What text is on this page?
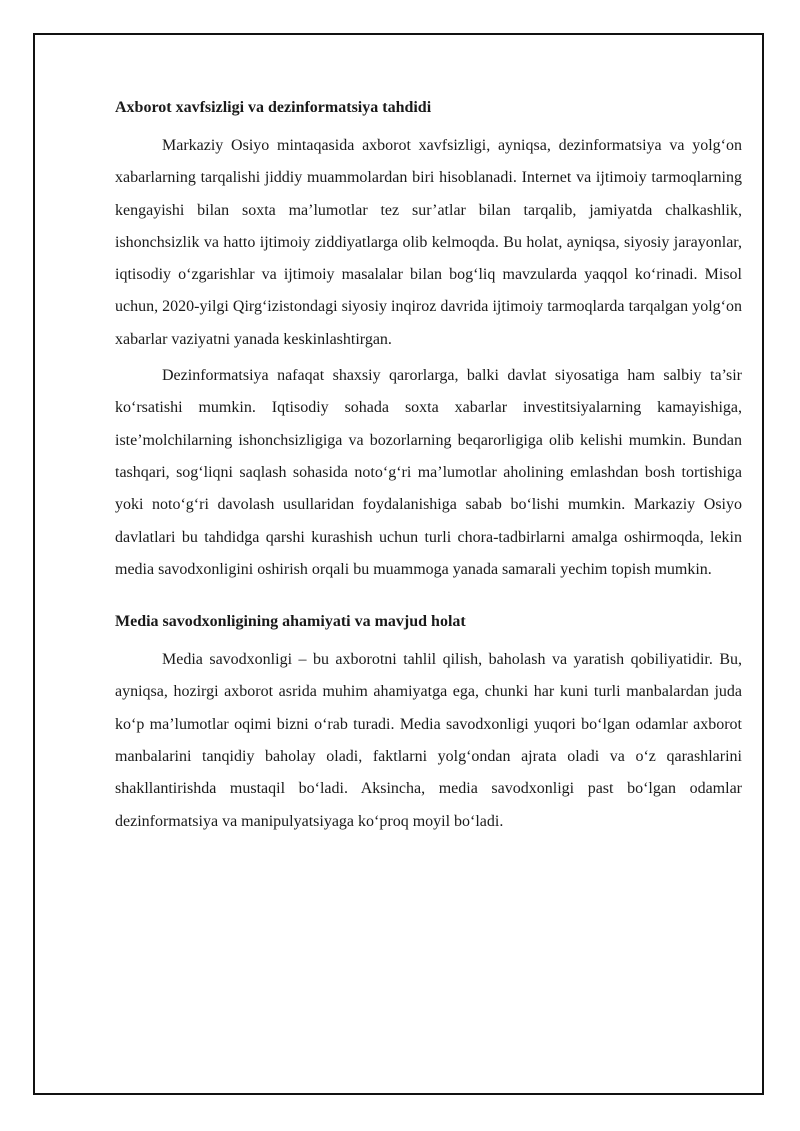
Axborot xavfsizligi va dezinformatsiya tahdidi

Markaziy Osiyo mintaqasida axborot xavfsizligi, ayniqsa, dezinformatsiya va yolg‘on xabarlarning tarqalishi jiddiy muammolardan biri hisoblanadi. Internet va ijtimoiy tarmoqlarning kengayishi bilan soxta ma’lumotlar tez sur’atlar bilan tarqalib, jamiyatda chalkashlik, ishonchsizlik va hatto ijtimoiy ziddiyatlarga olib kelmoqda. Bu holat, ayniqsa, siyosiy jarayonlar, iqtisodiy o‘zgarishlar va ijtimoiy masalalar bilan bog‘liq mavzularda yaqqol ko‘rinadi. Misol uchun, 2020-yilgi Qirg‘izistondagi siyosiy inqiroz davrida ijtimoiy tarmoqlarda tarqalgan yolg‘on xabarlar vaziyatni yanada keskinlashtirgan.

Dezinformatsiya nafaqat shaxsiy qarorlarga, balki davlat siyosatiga ham salbiy ta’sir ko‘rsatishi mumkin. Iqtisodiy sohada soxta xabarlar investitsiyalarning kamayishiga, iste’molchilarning ishonchsizligiga va bozorlarning beqarorligiga olib kelishi mumkin. Bundan tashqari, sog‘liqni saqlash sohasida noto‘g‘ri ma’lumotlar aholining emlashdan bosh tortishiga yoki noto‘g‘ri davolash usullaridan foydalanishiga sabab bo‘lishi mumkin. Markaziy Osiyo davlatlari bu tahdidga qarshi kurashish uchun turli chora-tadbirlarni amalga oshirmoqda, lekin media savodxonligini oshirish orqali bu muammoga yanada samarali yechim topish mumkin.

Media savodxonligining ahamiyati va mavjud holat

Media savodxonligi – bu axborotni tahlil qilish, baholash va yaratish qobiliyatidir. Bu, ayniqsa, hozirgi axborot asrida muhim ahamiyatga ega, chunki har kuni turli manbalardan juda ko‘p ma’lumotlar oqimi bizni o‘rab turadi. Media savodxonligi yuqori bo‘lgan odamlar axborot manbalarini tanqidiy baholay oladi, faktlarni yolg‘ondan ajrata oladi va o‘z qarashlarini shakllantirishda mustaqil bo‘ladi. Aksincha, media savodxonligi past bo‘lgan odamlar dezinformatsiya va manipulyatsiyaga ko‘proq moyil bo‘ladi.
